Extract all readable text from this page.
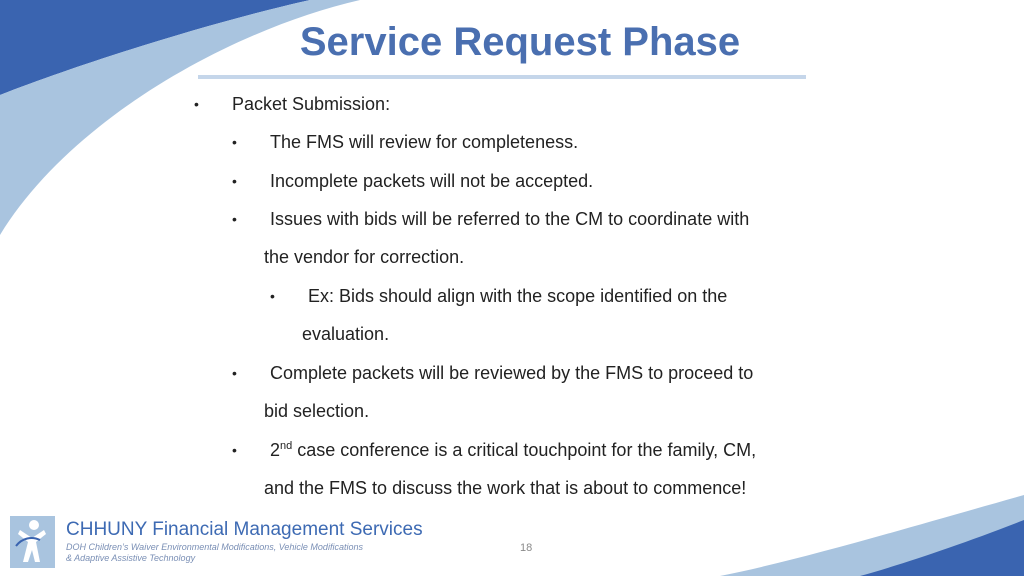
Service Request Phase
•	Packet Submission:
•	The FMS will review for completeness.
•	Incomplete packets will not be accepted.
•	Issues with bids will be referred to the CM to coordinate with
the vendor for correction.
•	Ex: Bids should align with the scope identified on the
evaluation.
•	Complete packets will be reviewed by the FMS to proceed to
bid selection.
•	2nd case conference is a critical touchpoint for the family, CM,
and the FMS to discuss the work that is about to commence!
CHHUNY Financial Management Services
DOH Children’s Waiver Environmental Modifications, Vehicle Modifications
& Adaptive Assistive Technology
18
